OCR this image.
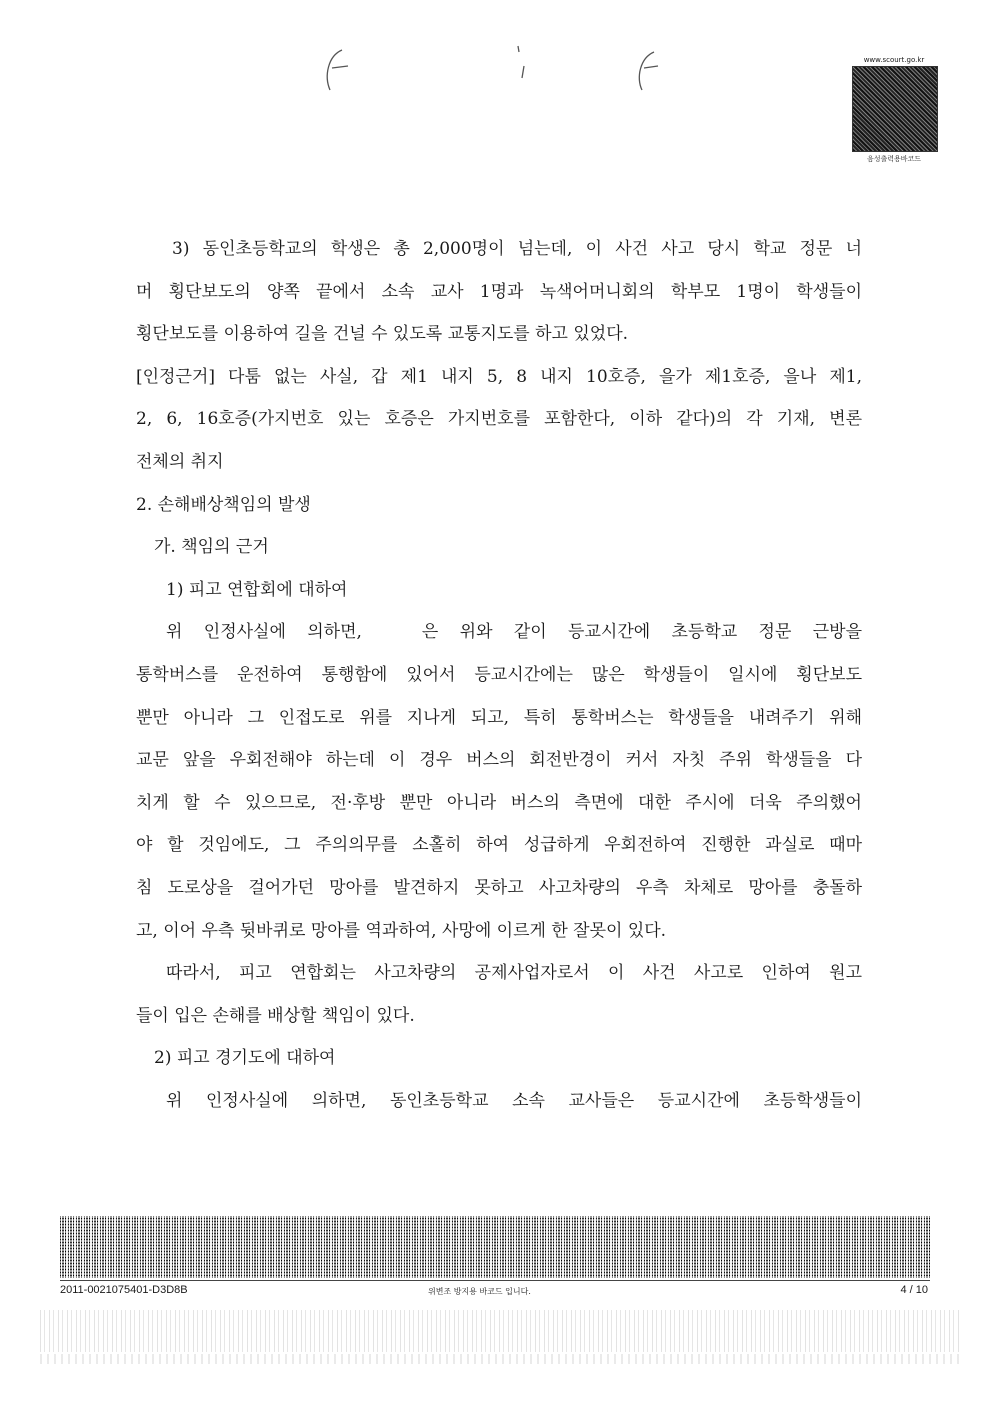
www.scourt.go.kr
음성출력용바코드
3) 동인초등학교의 학생은 총 2,000명이 넘는데, 이 사건 사고 당시 학교 정문 너
머 횡단보도의 양쪽 끝에서 소속 교사 1명과 녹색어머니회의 학부모 1명이 학생들이
횡단보도를 이용하여 길을 건널 수 있도록 교통지도를 하고 있었다.
[인정근거] 다툼 없는 사실, 갑 제1 내지 5, 8 내지 10호증, 을가 제1호증, 을나 제1,
2, 6, 16호증(가지번호 있는 호증은 가지번호를 포함한다, 이하 같다)의 각 기재, 변론
전체의 취지
2. 손해배상책임의 발생
가. 책임의 근거
1) 피고 연합회에 대하여
위 인정사실에 의하면,	은 위와 같이 등교시간에 초등학교 정문 근방을
통학버스를 운전하여 통행함에 있어서 등교시간에는 많은 학생들이 일시에 횡단보도
뿐만 아니라 그 인접도로 위를 지나게 되고, 특히 통학버스는 학생들을 내려주기 위해
교문 앞을 우회전해야 하는데 이 경우 버스의 회전반경이 커서 자칫 주위 학생들을 다
치게 할 수 있으므로, 전·후방 뿐만 아니라 버스의 측면에 대한 주시에 더욱 주의했어
야 할 것임에도, 그 주의의무를 소홀히 하여 성급하게 우회전하여 진행한 과실로 때마
침 도로상을 걸어가던 망아를 발견하지 못하고 사고차량의 우측 차체로 망아를 충돌하
고, 이어 우측 뒷바퀴로 망아를 역과하여, 사망에 이르게 한 잘못이 있다.
따라서, 피고 연합회는 사고차량의 공제사업자로서 이 사건 사고로 인하여 원고
들이 입은 손해를 배상할 책임이 있다.
2) 피고 경기도에 대하여
위 인정사실에 의하면, 동인초등학교 소속 교사들은 등교시간에 초등학생들이
2011-0021075401-D3D8B	위변조 방지용 바코드 입니다.	4 / 10
